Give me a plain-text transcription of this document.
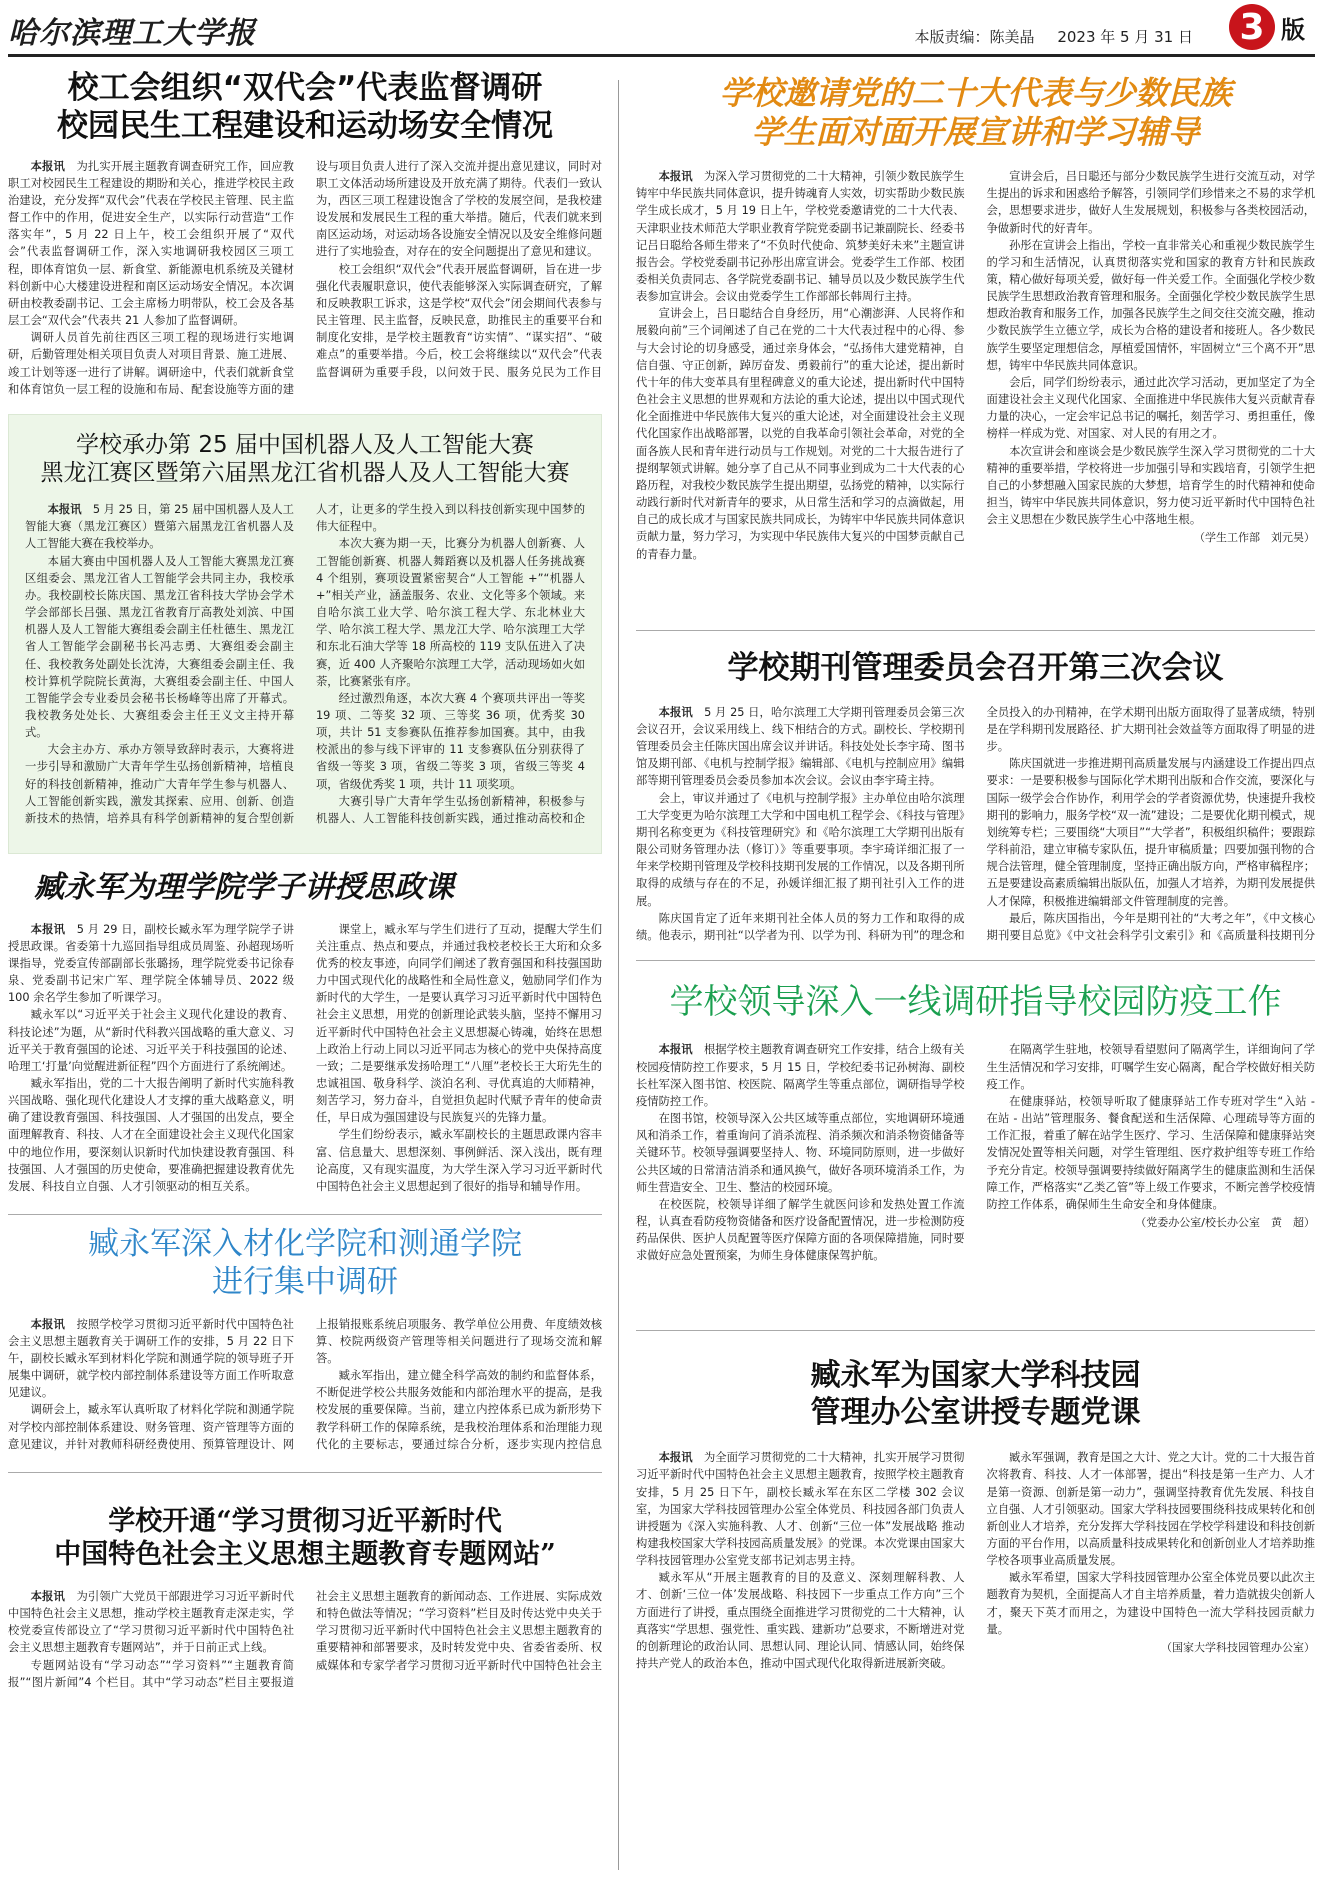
哈尔滨理工大学报	本版责编：陈美晶 2023 年 5 月 31 日 3 版
校工会组织“双代会”代表监督调研
校园民生工程建设和运动场安全情况

本报讯　 为扎实开展主题教育调查研究工作，回应教职工对校园民生工程建设的期盼和关心，推进学校民主政治建设，充分发挥“双代会”代表在学校民主管理、民主监督工作中的作用，促进安全生产，以实际行动营造“工作落实年”，5 月 22 日上午，校工会组织开展了“双代会”代表监督调研工作，深入实地调研我校园区三项工程，即体育馆负一层、新食堂、新能源电机系统及关键材料创新中心大楼建设进程和南区运动场安全情况。本次调研由校教委副书记、工会主席杨力明带队，校工会及各基层工会“双代会”代表共 21 人参加了监督调研。

调研人员首先前往西区三项工程的现场进行实地调研，后勤管理处相关项目负责人对项目背景、施工进展、竣工计划等逐一进行了讲解。调研途中，代表们就新食堂和体育馆负一层工程的设施和布局、配套设施等方面的建设与项目负责人进行了深入交流并提出意见建议，同时对职工文体活动场所建设及开放充满了期待。代表们一致认为，西区三项工程建设饱含了学校的发展空间，是我校建设发展和发展民生工程的重大举措。随后，代表们就来到南区运动场，对运动场各设施安全情况以及安全维修问题进行了实地验查，对存在的安全问题提出了意见和建议。

校工会组织“双代会”代表开展监督调研，旨在进一步强化代表履职意识，使代表能够深入实际调查研究，了解和反映教职工诉求，这是学校“双代会”闭会期间代表参与民主管理、民主监督，反映民意，助推民主的重要平台和制度化安排，是学校主题教育“访实情”、“谋实招”、“破难点”的重要举措。今后，校工会将继续以“双代会”代表监督调研为重要手段，以问效于民、服务兑民为工作目

学校承办第 25 届中国机器人及人工智能大赛
黑龙江赛区暨第六届黑龙江省机器人及人工智能大赛

本报讯　 5 月 25 日，第 25 届中国机器人及人工智能大赛（黑龙江赛区）暨第六届黑龙江省机器人及人工智能大赛在我校举办。

本届大赛由中国机器人及人工智能大赛黑龙江赛区组委会、黑龙江省人工智能学会共同主办，我校承办。我校副校长陈庆国、黑龙江省科技大学协会学术学会部部长吕强、黑龙江省教育厅高教处刘滨、中国机器人及人工智能大赛组委会副主任杜德生、黑龙江省人工智能学会副秘书长冯志勇、大赛组委会副主任、我校教务处副处长沈涛，大赛组委会副主任、我校计算机学院院长黄海，大赛组委会副主任、中国人工智能学会专业委员会秘书长杨峰等出席了开幕式。我校教务处处长、大赛组委会主任王义文主持开幕式。

大会主办方、承办方领导致辞时表示，大赛将进一步引导和激励广大青年学生弘扬创新精神，培植良好的科技创新精神，推动广大青年学生参与机器人、人工智能创新实践，激发其探索、应用、创新、创造新技术的热情，培养具有科学创新精神的复合型创新人才，让更多的学生投入到以科技创新实现中国梦的伟大征程中。

本次大赛为期一天，比赛分为机器人创新赛、人工智能创新赛、机器人舞蹈赛以及机器人任务挑战赛 4 个组别，赛项设置紧密契合“人工智能 +”“机器人 +”相关产业，涵盖服务、农业、文化等多个领域。来自哈尔滨工业大学、哈尔滨工程大学、东北林业大学、哈尔滨工程大学、黑龙江大学、哈尔滨理工大学和东北石油大学等 18 所高校的 119 支队伍进入了决赛，近 400 人齐聚哈尔滨理工大学，活动现场如火如荼，比赛紧张有序。

经过激烈角逐，本次大赛 4 个赛项共评出一等奖 19 项、二等奖 32 项、三等奖 36 项，优秀奖 30 项，共计 51 支参赛队伍推荐参加国赛。其中，由我校派出的参与线下评审的 11 支参赛队伍分别获得了省级一等奖 3 项，省级二等奖 3 项，省级三等奖 4 项，省级优秀奖 1 项，共计 11 项奖项。

大赛引导广大青年学生弘扬创新精神，积极参与机器人、人工智能科技创新实践，通过推动高校和企

臧永军为理学院学子讲授思政课

本报讯　 5 月 29 日，副校长臧永军为理学院学子讲授思政课。省委第十九巡回指导组成员周鉴、孙超现场听课指导，党委宣传部副部长张璐扬，理学院党委书记徐春泉、党委副书记宋广军、理学院全体辅导员、2022 级 100 余名学生参加了听课学习。

臧永军以“习近平关于社会主义现代化建设的教育、科技论述”为题，从“新时代科教兴国战略的重大意义、习近平关于教育强国的论述、习近平关于科技强国的论述、哈理工‘打量’向觉醒进新征程”四个方面进行了系统阐述。

臧永军指出，党的二十大报告阐明了新时代实施科教兴国战略、强化现代化建设人才支撑的重大战略意义，明确了建设教育强国、科技强国、人才强国的出发点，要全面理解教育、科技、人才在全面建设社会主义现代化国家中的地位作用，要深刻认识新时代加快建设教育强国、科技强国、人才强国的历史使命，要准确把握建设教育优先发展、科技自立自强、人才引领驱动的相互关系。

课堂上，臧永军与学生们进行了互动，提醒大学生们关注重点、热点和要点，并通过我校老校长王大珩和众多优秀的校友事迹，向同学们阐述了教育强国和科技强国助力中国式现代化的战略性和全局性意义，勉励同学们作为新时代的大学生，一是要认真学习习近平新时代中国特色社会主义思想，用党的创新理论武装头脑，坚持不懈用习近平新时代中国特色社会主义思想凝心铸魂，始终在思想上政治上行动上同以习近平同志为核心的党中央保持高度一致；二是要继承发扬哈理工“八厘”老校长王大珩先生的忠诚祖国、敬身科学、淡泊名利、寻优真追的大师精神，刻苦学习，努力奋斗，自觉担负起时代赋予青年的使命责任，早日成为强国建设与民族复兴的先锋力量。

学生们纷纷表示，臧永军副校长的主题思政课内容丰富、信息量大、思想深刻、事例鲜活、深入浅出，既有理论高度，又有现实温度，为大学生深入学习习近平新时代中国特色社会主义思想起到了很好的指导和辅导作用。

臧永军深入材化学院和测通学院
进行集中调研

本报讯　 按照学校学习贯彻习近平新时代中国特色社会主义思想主题教育关于调研工作的安排，5 月 22 日下午，副校长臧永军到材料化学院和测通学院的领导班子开展集中调研，就学校内部控制体系建设等方面工作听取意见建议。

调研会上，臧永军认真听取了材料化学院和测通学院对学校内部控制体系建设、财务管理、资产管理等方面的意见建议，并针对教师科研经费使用、预算管理设计、网上报销报账系统启项服务、教学单位公用费、年度绩效核算、校院两级资产管理等相关问题进行了现场交流和解答。

臧永军指出，建立健全科学高效的制约和监督体系，不断促进学校公共服务效能和内部治理水平的提高，是我校发展的重要保障。当前，建立内控体系已成为新形势下教学科研工作的保障系统，是我校治理体系和治理能力现代化的主要标志，要通过综合分析，逐步实现内控信息

学校开通“学习贯彻习近平新时代
中国特色社会主义思想主题教育专题网站”

本报讯　 为引领广大党员干部跟进学习习近平新时代中国特色社会主义思想，推动学校主题教育走深走实，学校党委宣传部设立了“学习贯彻习近平新时代中国特色社会主义思想主题教育专题网站”，并于日前正式上线。

专题网站设有“学习动态”“学习资料”“主题教育简报”“图片新闻”4 个栏目。其中“学习动态”栏目主要报道社会主义思想主题教育的新闻动态、工作进展、实际成效和特色做法等情况；“学习资料”栏目及时传达党中央关于学习贯彻习近平新时代中国特色社会主义思想主题教育的重要精神和部署要求，及时转发党中央、省委省委所、权威媒体和专家学者学习贯彻习近平新时代中国特色社会主

学校邀请党的二十大代表与少数民族
学生面对面开展宣讲和学习辅导

本报讯　 为深入学习贯彻党的二十大精神，引领少数民族学生铸牢中华民族共同体意识，提升铸魂育人实效，切实帮助少数民族学生成长成才，5 月 19 日上午，学校党委邀请党的二十大代表、天津职业技术师范大学职业教育学院党委副书记兼副院长、经委书记吕日聪给各师生带来了“不负时代使命、筑梦美好未来”主题宣讲报告会。学校党委副书记孙彤出席宣讲会。党委学生工作部、校团委相关负责同志、各学院党委副书记、辅导员以及少数民族学生代表参加宣讲会。会议由党委学生工作部部长韩周行主持。

宣讲会上，吕日聪结合自身经历，用“心潮澎湃、人民将作和展毅向前”三个词阐述了自己在党的二十大代表过程中的心得、参与大会讨论的切身感受，通过亲身体会，“弘扬伟大建党精神，自信自强、守正创新，踔厉奋发、勇毅前行”的重大论述，提出新时代十年的伟大变革具有里程碑意义的重大论述，提出新时代中国特色社会主义思想的世界观和方法论的重大论述，提出以中国式现代化全面推进中华民族伟大复兴的重大论述，对全面建设社会主义现代化国家作出战略部署，以党的自我革命引领社会革命，对党的全面各族人民和青年进行动员与工作规划。对党的二十大报告进行了提纲挈领式讲解。她分享了自己从不同事业到成为二十大代表的心路历程，对我校少数民族学生提出期望，弘扬党的精神，以实际行动践行新时代对新青年的要求，从日常生活和学习的点滴做起，用自己的成长成才与国家民族共同成长，为铸牢中华民族共同体意识贡献力量，努力学习，为实现中华民族伟大复兴的中国梦贡献自己的青春力量。

宣讲会后，吕日聪还与部分少数民族学生进行交流互动，对学生提出的诉求和困惑给予解答，引领同学们珍惜来之不易的求学机会，思想要求进步，做好人生发展规划，积极参与各类校园活动，争做新时代的好青年。

孙彤在宣讲会上指出，学校一直非常关心和重视少数民族学生的学习和生活情况，认真贯彻落实党和国家的教育方针和民族政策，精心做好每项关爱，做好每一件关爱工作。全面强化学校少数民族学生思想政治教育管理和服务。全面强化学校少数民族学生思想政治教育和服务工作，加强各民族学生之间交往交流交融，推动少数民族学生立德立学，成长为合格的建设者和接班人。各少数民族学生要坚定理想信念，厚植爱国情怀，牢固树立“三个离不开”思想，铸牢中华民族共同体意识。

会后，同学们纷纷表示，通过此次学习活动，更加坚定了为全面建设社会主义现代化国家、全面推进中华民族伟大复兴贡献青春力量的决心，一定会牢记总书记的嘱托，刻苦学习、勇担重任，像榜样一样成为党、对国家、对人民的有用之才。

本次宣讲会和座谈会是少数民族学生深入学习贯彻党的二十大精神的重要举措，学校将进一步加强引导和实践培育，引领学生把自己的小梦想融入国家民族的大梦想，培育学生的时代精神和使命担当，铸牢中华民族共同体意识，努力使习近平新时代中国特色社会主义思想在少数民族学生心中落地生根。

（学生工作部　刘元昊）
学校期刊管理委员会召开第三次会议

本报讯　 5 月 25 日，哈尔滨理工大学期刊管理委员会第三次会议召开，会议采用线上、线下相结合的方式。副校长、学校期刊管理委员会主任陈庆国出席会议并讲话。科技处处长李宇琦、图书馆及期刊部、《电机与控制学报》编辑部、《电机与控制应用》编辑部等期刊管理委员会委员参加本次会议。会议由李宇琦主持。

会上，审议并通过了《电机与控制学报》主办单位由哈尔滨理工大学变更为哈尔滨理工大学和中国电机工程学会、《科技与管理》期刊名称变更为《科技管理研究》和《哈尔滨理工大学期刊出版有限公司财务管理办法（修订）》等重要事项。李宇琦详细汇报了一年来学校期刊管理及学校科技期刊发展的工作情况，以及各期刊所取得的成绩与存在的不足，孙媛详细汇报了期刊社引入工作的进展。

陈庆国肯定了近年来期刊社全体人员的努力工作和取得的成绩。他表示，期刊社“以学者为刊、以学为刊、科研为刊”的理念和全员投入的办刊精神，在学术期刊出版方面取得了显著成绩，特别是在学科期刊发展路径、扩大期刊社会效益等方面取得了明显的进步。

陈庆国就进一步推进期刊高质量发展与内涵建设工作提出四点要求：一是要积极参与国际化学术期刊出版和合作交流，要深化与国际一级学会合作协作，利用学会的学者资源优势，快速提升我校期刊的影响力，服务学校“双一流”建设；二是要优化期刊模式，规划统筹专栏；三要围绕“大项目”“大学者”，积极组织稿件；要跟踪学科前沿，建立审稿专家队伍，提升审稿质量；四要加强刊物的合规合法管理，健全管理制度，坚持正确出版方向，严格审稿程序；五是要建设高素质编辑出版队伍，加强人才培养，为期刊发展提供人才保障，积极推进编辑部文件管理制度的完善。

最后，陈庆国指出，今年是期刊社的“大考之年”，《中文核心期刊要目总览》《中文社会科学引文索引》和《高质量科技期刊分

学校领导深入一线调研指导校园防疫工作

本报讯　 根据学校主题教育调查研究工作安排，结合上级有关校园疫情防控工作要求，5 月 15 日，学校纪委书记孙树海、副校长杜军深入图书馆、校医院、隔离学生等重点部位，调研指导学校疫情防控工作。

在图书馆，校领导深入公共区域等重点部位，实地调研环境通风和消杀工作，着重询问了消杀流程、消杀频次和消杀物资储备等关键环节。校领导强调要坚持人、物、环境同防原则，进一步做好公共区域的日常清洁消杀和通风换气，做好各项环境消杀工作，为师生营造安全、卫生、整洁的校园环境。

在校医院，校领导详细了解学生就医问诊和发热处置工作流程，认真查看防疫物资储备和医疗设备配置情况，进一步检测防疫药品保供、医护人员配置等医疗保障方面的各项保障措施，同时要求做好应急处置预案，为师生身体健康保驾护航。

在隔离学生驻地，校领导看望慰问了隔离学生，详细询问了学生生活情况和学习安排，叮嘱学生安心隔离，配合学校做好相关防疫工作。

在健康驿站，校领导听取了健康驿站工作专班对学生“入站 - 在站 - 出站”管理服务、餐食配送和生活保障、心理疏导等方面的工作汇报，着重了解在站学生医疗、学习、生活保障和健康驿站突发情况处置等相关问题，对学生管理组、医疗救护组等专班工作给予充分肯定。校领导强调要持续做好隔离学生的健康监测和生活保障工作，严格落实“乙类乙管”等上级工作要求，不断完善学校疫情防控工作体系，确保师生生命安全和身体健康。

（党委办公室/校长办公室　黄　超）
臧永军为国家大学科技园
管理办公室讲授专题党课

本报讯　 为全面学习贯彻党的二十大精神，扎实开展学习贯彻习近平新时代中国特色社会主义思想主题教育，按照学校主题教育安排，5 月 25 日下午，副校长臧永军在东区二学楼 302 会议室，为国家大学科技园管理办公室全体党员、科技园各部门负责人讲授题为《深入实施科教、人才、创新“三位一体”发展战略 推动构建我校国家大学科技园高质量发展》的党课。本次党课由国家大学科技园管理办公室党支部书记刘志男主持。

臧永军从“开展主题教育的目的及意义、深刻理解科教、人才、创新‘三位一体’发展战略、科技园下一步重点工作方向”三个方面进行了讲授，重点围绕全面推进学习贯彻党的二十大精神，认真落实“学思想、强党性、重实践、建新功”总要求，不断增进对党的创新理论的政治认同、思想认同、理论认同、情感认同，始终保持共产党人的政治本色，推动中国式现代化取得新进展新突破。

臧永军强调，教育是国之大计、党之大计。党的二十大报告首次将教育、科技、人才一体部署，提出“科技是第一生产力、人才是第一资源、创新是第一动力”，强调坚持教育优先发展、科技自立自强、人才引领驱动。国家大学科技园要围绕科技成果转化和创新创业人才培养，充分发挥大学科技园在学校学科建设和科技创新方面的平台作用，以高质量科技成果转化和创新创业人才培养助推学校各项事业高质量发展。

臧永军希望，国家大学科技园管理办公室全体党员要以此次主题教育为契机，全面提高人才自主培养质量，着力造就拔尖创新人才，聚天下英才而用之，为建设中国特色一流大学科技园贡献力量。

（国家大学科技园管理办公室）
